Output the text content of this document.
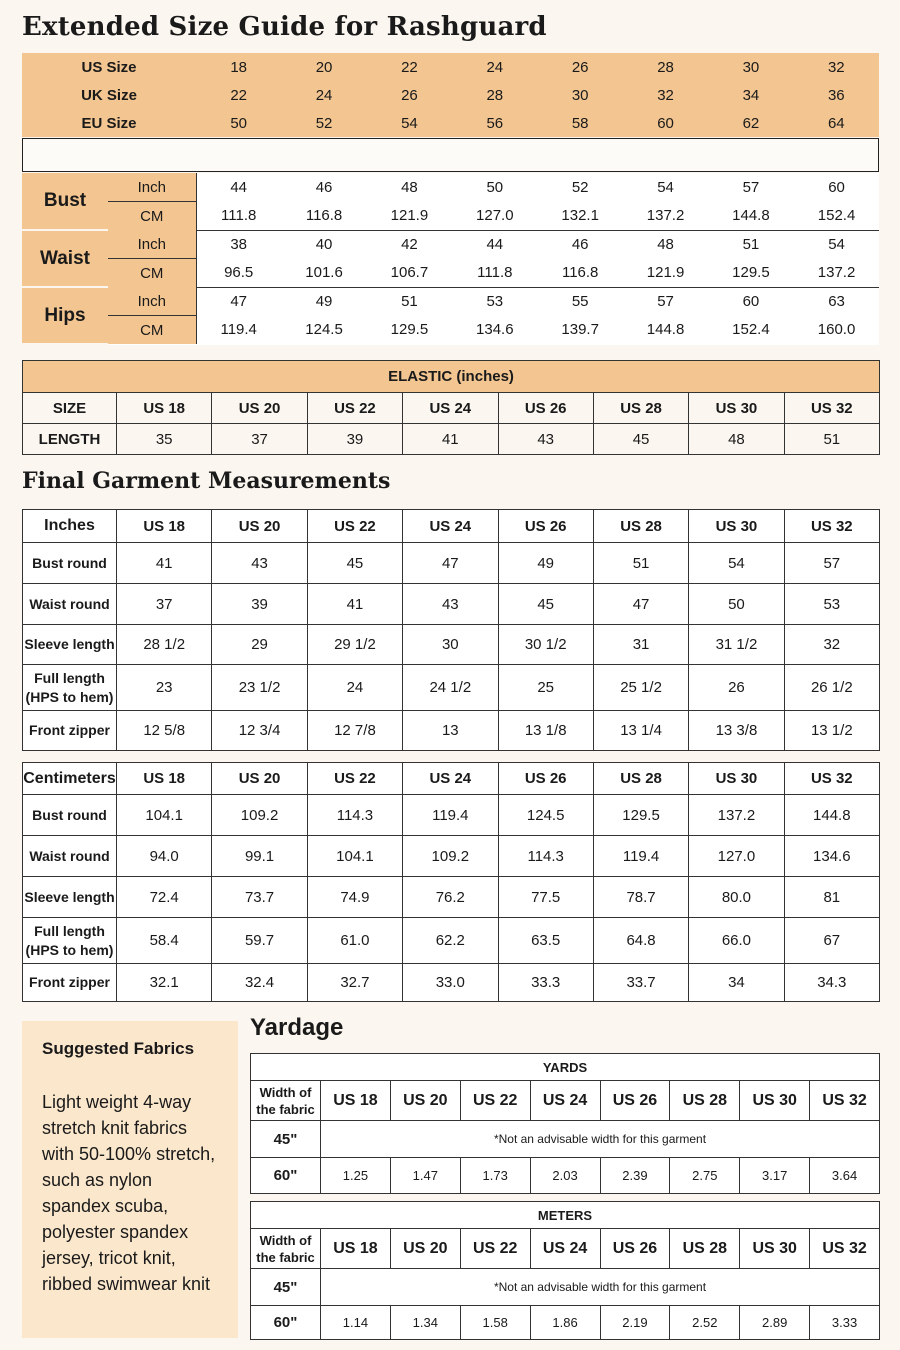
Extended Size Guide for Rashguard
US Size	18	20	22	24	26	28	30	32
UK Size	22	24	26	28	30	32	34	36
EU Size	50	52	54	56	58	60	62	64
Bust	Inch	44	46	48	50	52	54	57	60
	CM	111.8	116.8	121.9	127.0	132.1	137.2	144.8	152.4
Waist	Inch	38	40	42	44	46	48	51	54
	CM	96.5	101.6	106.7	111.8	116.8	121.9	129.5	137.2
Hips	Inch	47	49	51	53	55	57	60	63
	CM	119.4	124.5	129.5	134.6	139.7	144.8	152.4	160.0
ELASTIC (inches)								
SIZE	US 18	US 20	US 22	US 24	US 26	US 28	US 30	US 32
LENGTH	35	37	39	41	43	45	48	51
Final Garment Measurements
Inches	US 18	US 20	US 22	US 24	US 26	US 28	US 30	US 32
Bust round	41	43	45	47	49	51	54	57
Waist round	37	39	41	43	45	47	50	53
Sleeve length	28 1/2	29	29 1/2	30	30 1/2	31	31 1/2	32
Full length
(HPS to hem)	23	23 1/2	24	24 1/2	25	25 1/2	26	26 1/2
Front zipper	12 5/8	12 3/4	12 7/8	13	13 1/8	13 1/4	13 3/8	13 1/2
Centimeters	US 18	US 20	US 22	US 24	US 26	US 28	US 30	US 32
Bust round	104.1	109.2	114.3	119.4	124.5	129.5	137.2	144.8
Waist round	94.0	99.1	104.1	109.2	114.3	119.4	127.0	134.6
Sleeve length	72.4	73.7	74.9	76.2	77.5	78.7	80.0	81
Full length
(HPS to hem)	58.4	59.7	61.0	62.2	63.5	64.8	66.0	67
Front zipper	32.1	32.4	32.7	33.0	33.3	33.7	34	34.3
Suggested Fabrics
Light weight 4-way stretch knit fabrics with 50-100% stretch, such as nylon spandex scuba, polyester spandex jersey, tricot knit, ribbed swimwear knit
Yardage
YARDS								
Width of
the fabric	US 18	US 20	US 22	US 24	US 26	US 28	US 30	US 32
45"	*Not an advisable width for this garment							
60"	1.25	1.47	1.73	2.03	2.39	2.75	3.17	3.64
METERS								
Width of
the fabric	US 18	US 20	US 22	US 24	US 26	US 28	US 30	US 32
45"	*Not an advisable width for this garment							
60"	1.14	1.34	1.58	1.86	2.19	2.52	2.89	3.33
